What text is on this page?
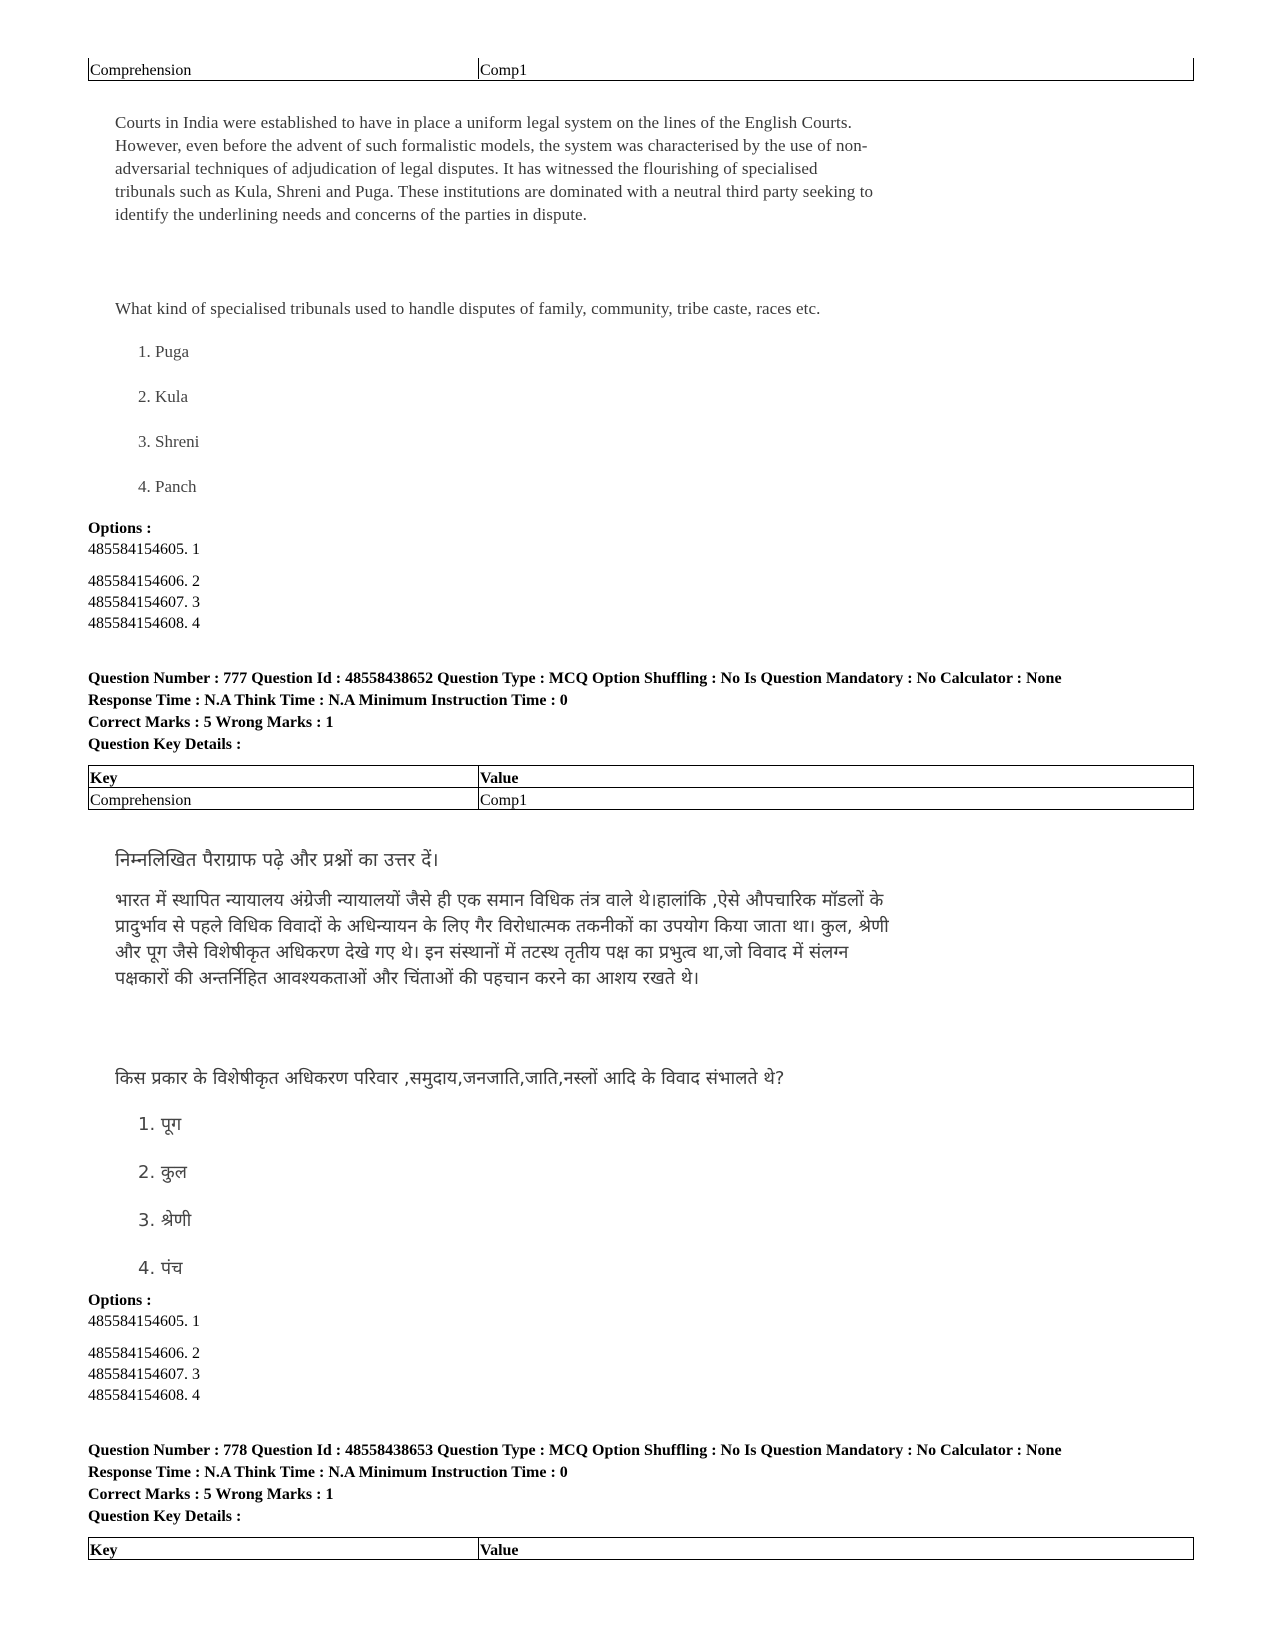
Comprehension	Comp1
Courts in India were established to have in place a uniform legal system on the lines of the English Courts.
However, even before the advent of such formalistic models, the system was characterised by the use of non-
adversarial techniques of adjudication of legal disputes. It has witnessed the flourishing of specialised
tribunals such as Kula, Shreni and Puga. These institutions are dominated with a neutral third party seeking to
identify the underlining needs and concerns of the parties in dispute.
What kind of specialised tribunals used to handle disputes of family, community, tribe caste, races etc.
1. Puga
2. Kula
3. Shreni
4. Panch
Options :
485584154605. 1
485584154606. 2
485584154607. 3
485584154608. 4
Question Number : 777 Question Id : 48558438652 Question Type : MCQ Option Shuffling : No Is Question Mandatory : No Calculator : None
Response Time : N.A Think Time : N.A Minimum Instruction Time : 0
Correct Marks : 5 Wrong Marks : 1
Question Key Details :
Key	Value
Comprehension	Comp1
निम्नलिखित पैराग्राफ पढ़े और प्रश्नों का उत्तर दें।
भारत में स्थापित न्यायालय अंग्रेजी न्यायालयों जैसे ही एक समान विधिक तंत्र वाले थे।हालांकि ,ऐसे औपचारिक मॉडलों के
प्रादुर्भाव से पहले विधिक विवादों के अधिन्यायन के लिए गैर विरोधात्मक तकनीकों का उपयोग किया जाता था। कुल, श्रेणी
और पूग जैसे विशेषीकृत अधिकरण देखे गए थे। इन संस्थानों में तटस्थ तृतीय पक्ष का प्रभुत्व था,जो विवाद में संलग्न
पक्षकारों की अन्तर्निहित आवश्यकताओं और चिंताओं की पहचान करने का आशय रखते थे।
किस प्रकार के विशेषीकृत अधिकरण परिवार ,समुदाय,जनजाति,जाति,नस्लों आदि के विवाद संभालते थे?
1. पूग
2. कुल
3. श्रेणी
4. पंच
Options :
485584154605. 1
485584154606. 2
485584154607. 3
485584154608. 4
Question Number : 778 Question Id : 48558438653 Question Type : MCQ Option Shuffling : No Is Question Mandatory : No Calculator : None
Response Time : N.A Think Time : N.A Minimum Instruction Time : 0
Correct Marks : 5 Wrong Marks : 1
Question Key Details :
Key	Value
